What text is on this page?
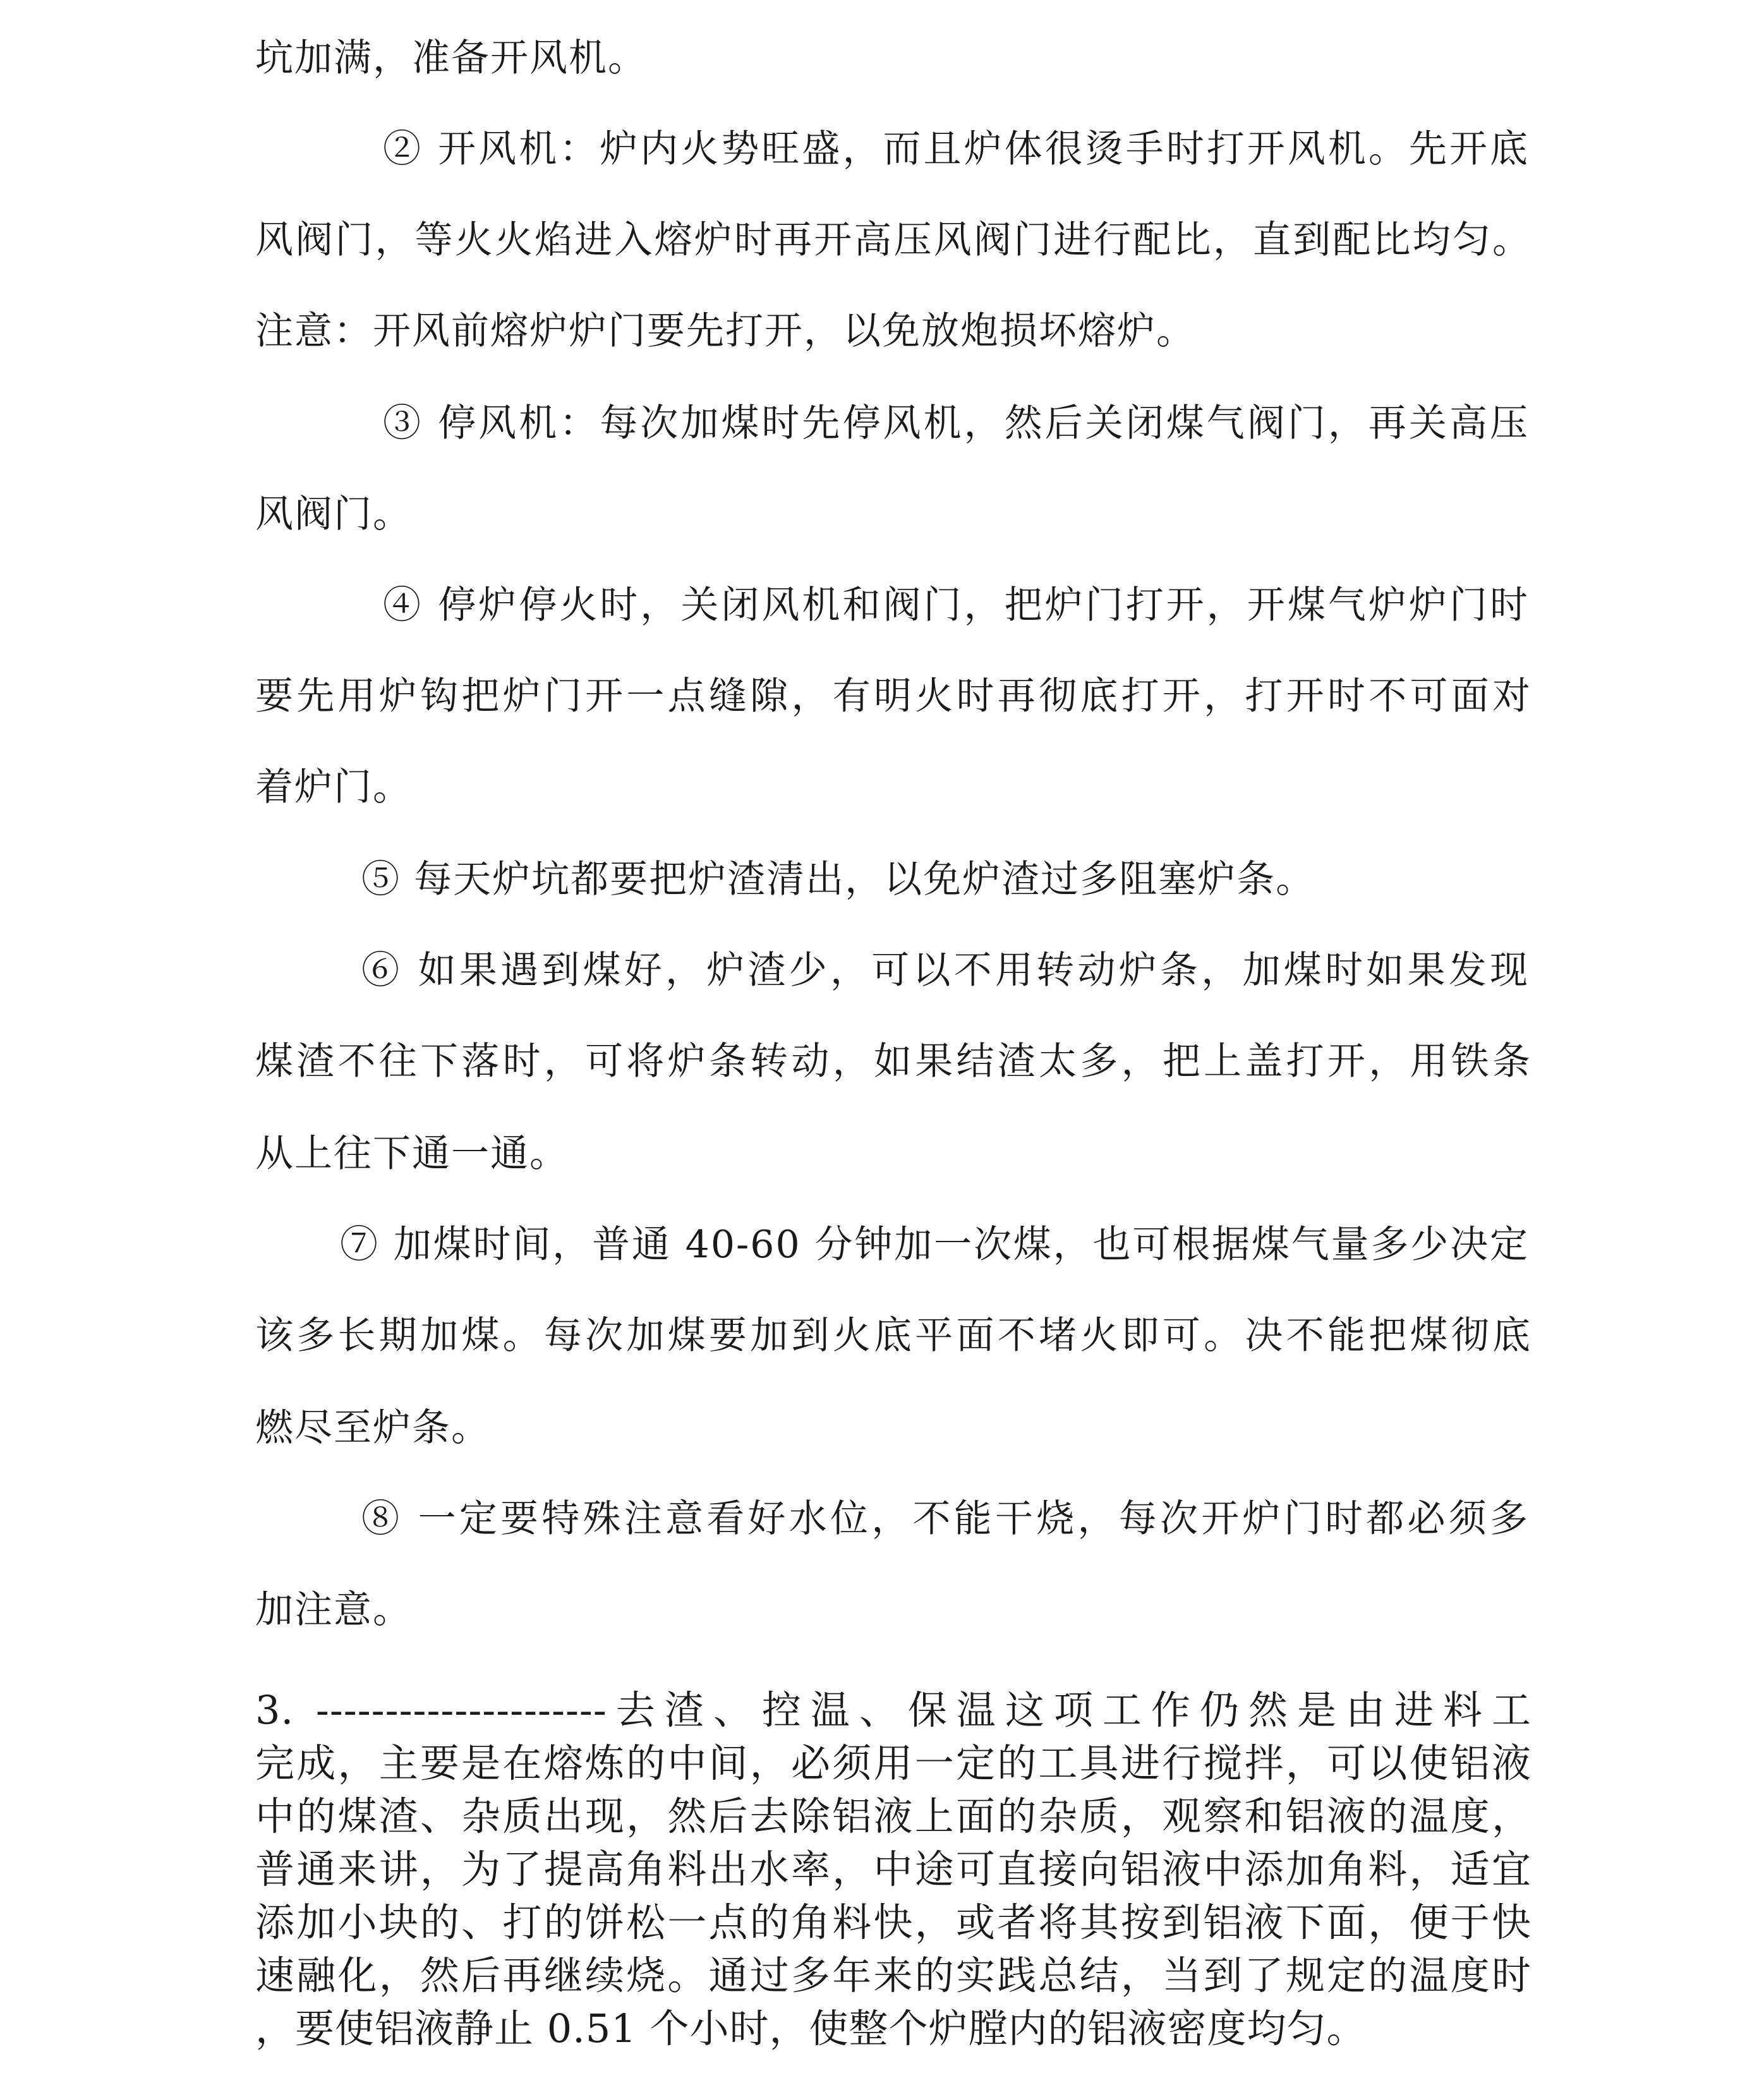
坑加满，准备开风机。
② 开风机：炉内火势旺盛，而且炉体很烫手时打开风机。先开底
风阀门，等火火焰进入熔炉时再开高压风阀门进行配比，直到配比均匀。
注意：开风前熔炉炉门要先打开，以免放炮损坏熔炉。
③ 停风机：每次加煤时先停风机，然后关闭煤气阀门，再关高压
风阀门。
④ 停炉停火时，关闭风机和阀门，把炉门打开，开煤气炉炉门时
要先用炉钩把炉门开一点缝隙，有明火时再彻底打开，打开时不可面对
着炉门。
⑤ 每天炉坑都要把炉渣清出，以免炉渣过多阻塞炉条。
⑥ 如果遇到煤好，炉渣少，可以不用转动炉条，加煤时如果发现
煤渣不往下落时，可将炉条转动，如果结渣太多，把上盖打开，用铁条
从上往下通一通。
⑦ 加煤时间，普通 40-60 分钟加一次煤，也可根据煤气量多少决定
该多长期加煤。每次加煤要加到火底平面不堵火即可。决不能把煤彻底
燃尽至炉条。
⑧ 一定要特殊注意看好水位，不能干烧，每次开炉门时都必须多
加注意。
3. ---------------------去渣、控温、保温这项工作仍然是由进料工
完成，主要是在熔炼的中间，必须用一定的工具进行搅拌，可以使铝液
中的煤渣、杂质出现，然后去除铝液上面的杂质，观察和铝液的温度，
普通来讲，为了提高角料出水率，中途可直接向铝液中添加角料，适宜
添加小块的、打的饼松一点的角料快，或者将其按到铝液下面，便于快
速融化，然后再继续烧。通过多年来的实践总结，当到了规定的温度时
，要使铝液静止 0.51 个小时，使整个炉膛内的铝液密度均匀。
